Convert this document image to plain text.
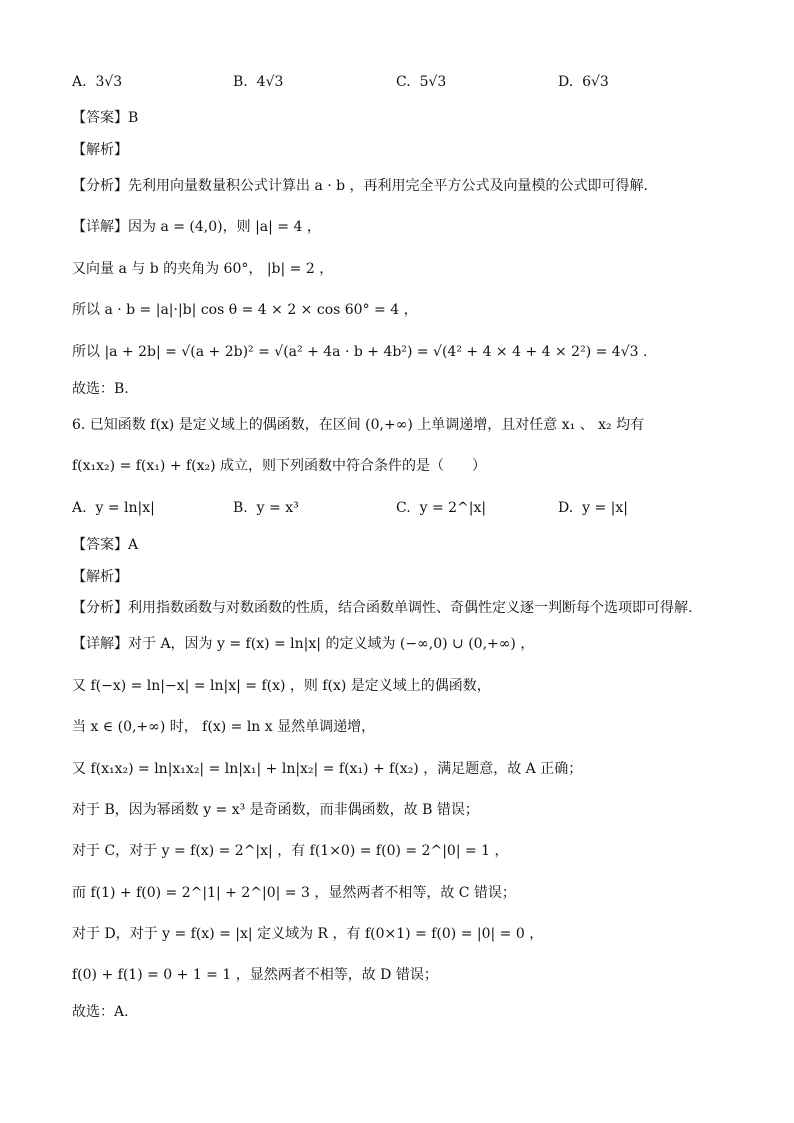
A. 3√3	B. 4√3	C. 5√3	D. 6√3
【答案】B
【解析】
【分析】先利用向量数量积公式计算出 a · b ，再利用完全平方公式及向量模的公式即可得解.
【详解】因为 a = (4,0)，则 |a| = 4 ，
又向量 a 与 b 的夹角为 60°， |b| = 2 ，
所以 a · b = |a|·|b| cos θ = 4 × 2 × cos 60° = 4 ，
所以 |a + 2b| = √(a + 2b)² = √(a² + 4a · b + 4b²) = √(4² + 4 × 4 + 4 × 2²) = 4√3 .
故选：B.
6. 已知函数 f(x) 是定义域上的偶函数，在区间 (0,+∞) 上单调递增，且对任意 x₁ 、 x₂ 均有
f(x₁x₂) = f(x₁) + f(x₂) 成立，则下列函数中符合条件的是（　　）
A. y = ln|x|	B. y = x³	C. y = 2^|x|	D. y = |x|
【答案】A
【解析】
【分析】利用指数函数与对数函数的性质，结合函数单调性、奇偶性定义逐一判断每个选项即可得解.
【详解】对于 A，因为 y = f(x) = ln|x| 的定义域为 (−∞,0) ∪ (0,+∞) ，
又 f(−x) = ln|−x| = ln|x| = f(x) ，则 f(x) 是定义域上的偶函数，
当 x ∈ (0,+∞) 时， f(x) = ln x 显然单调递增，
又 f(x₁x₂) = ln|x₁x₂| = ln|x₁| + ln|x₂| = f(x₁) + f(x₂) ，满足题意，故 A 正确；
对于 B，因为幂函数 y = x³ 是奇函数，而非偶函数，故 B 错误；
对于 C，对于 y = f(x) = 2^|x| ，有 f(1×0) = f(0) = 2^|0| = 1 ，
而 f(1) + f(0) = 2^|1| + 2^|0| = 3 ，显然两者不相等，故 C 错误；
对于 D，对于 y = f(x) = |x| 定义域为 R ，有 f(0×1) = f(0) = |0| = 0 ，
f(0) + f(1) = 0 + 1 = 1 ，显然两者不相等，故 D 错误；
故选：A.
